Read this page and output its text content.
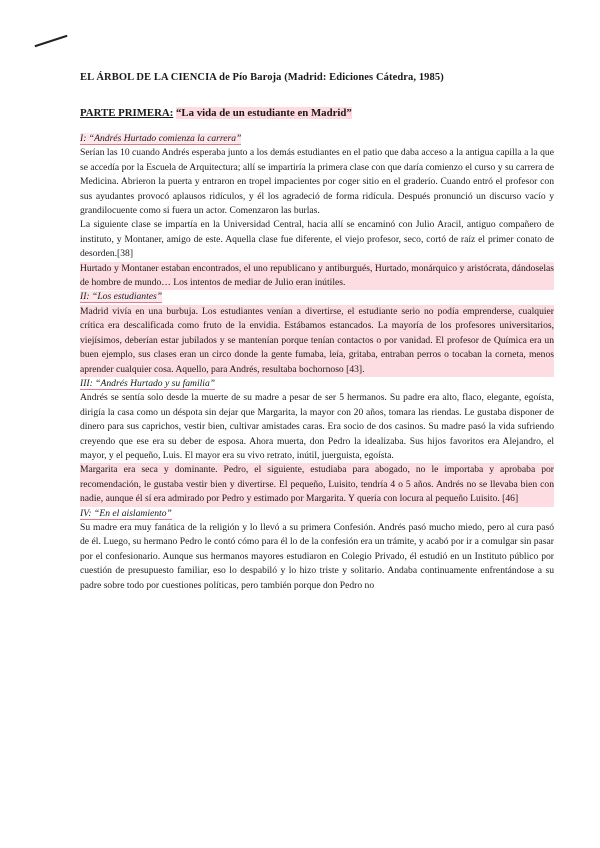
EL ÁRBOL DE LA CIENCIA de Pío Baroja (Madrid: Ediciones Cátedra, 1985)
PARTE PRIMERA: “La vida de un estudiante en Madrid”

I: “Andrés Hurtado comienza la carrera”

Serían las 10 cuando Andrés esperaba junto a los demás estudiantes en el patio que daba acceso a la antigua capilla a la que se accedía por la Escuela de Arquitectura; allí se impartiría la primera clase con que daría comienzo el curso y su carrera de Medicina. Abrieron la puerta y entraron en tropel impacientes por coger sitio en el graderío. Cuando entró el profesor con sus ayudantes provocó aplausos ridículos, y él los agradeció de forma ridícula. Después pronunció un discurso vacío y grandilocuente como si fuera un actor. Comenzaron las burlas.

La siguiente clase se impartía en la Universidad Central, hacia allí se encaminó con Julio Aracil, antiguo compañero de instituto, y Montaner, amigo de este. Aquella clase fue diferente, el viejo profesor, seco, cortó de raíz el primer conato de desorden.[38]

Hurtado y Montaner estaban encontrados, el uno republicano y antiburgués, Hurtado, monárquico y aristócrata, dándoselas de hombre de mundo… Los intentos de mediar de Julio eran inútiles.

II: “Los estudiantes”

Madrid vivía en una burbuja. Los estudiantes venían a divertirse, el estudiante serio no podía emprenderse, cualquier crítica era descalificada como fruto de la envidia. Estábamos estancados. La mayoría de los profesores universitarios, viejísimos, deberían estar jubilados y se mantenían porque tenían contactos o por vanidad. El profesor de Química era un buen ejemplo, sus clases eran un circo donde la gente fumaba, leía, gritaba, entraban perros o tocaban la corneta, menos aprender cualquier cosa. Aquello, para Andrés, resultaba bochornoso [43].

III: “Andrés Hurtado y su familia”

Andrés se sentía solo desde la muerte de su madre a pesar de ser 5 hermanos. Su padre era alto, flaco, elegante, egoísta, dirigía la casa como un déspota sin dejar que Margarita, la mayor con 20 años, tomara las riendas. Le gustaba disponer de dinero para sus caprichos, vestir bien, cultivar amistades caras. Era socio de dos casinos. Su madre pasó la vida sufriendo creyendo que ese era su deber de esposa. Ahora muerta, don Pedro la idealizaba. Sus hijos favoritos era Alejandro, el mayor, y el pequeño, Luis. El mayor era su vivo retrato, inútil, juerguista, egoísta.

Margarita era seca y dominante. Pedro, el siguiente, estudiaba para abogado, no le importaba y aprobaba por recomendación, le gustaba vestir bien y divertirse. El pequeño, Luisito, tendría 4 o 5 años. Andrés no se llevaba bien con nadie, aunque él sí era admirado por Pedro y estimado por Margarita. Y quería con locura al pequeño Luisito. [46]

IV: “En el aislamiento”

Su madre era muy fanática de la religión y lo llevó a su primera Confesión. Andrés pasó mucho miedo, pero al cura pasó de él. Luego, su hermano Pedro le contó cómo para él lo de la confesión era un trámite, y acabó por ir a comulgar sin pasar por el confesionario. Aunque sus hermanos mayores estudiaron en Colegio Privado, él estudió en un Instituto público por cuestión de presupuesto familiar, eso lo despabiló y lo hizo triste y solitario. Andaba continuamente enfrentándose a su padre sobre todo por cuestiones políticas, pero también porque don Pedro no
